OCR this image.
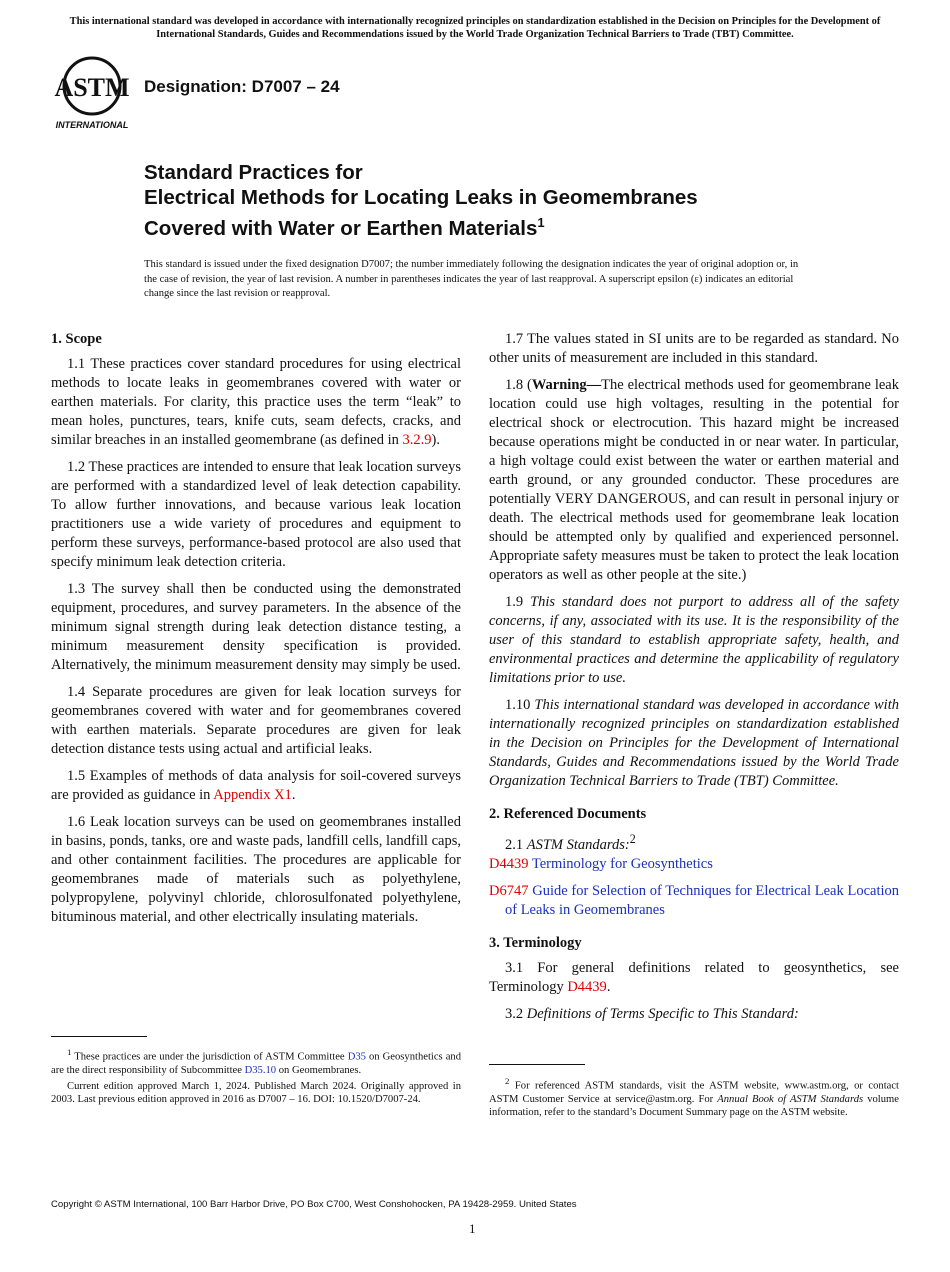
This international standard was developed in accordance with internationally recognized principles on standardization established in the Decision on Principles for the Development of International Standards, Guides and Recommendations issued by the World Trade Organization Technical Barriers to Trade (TBT) Committee.
ASTM
INTERNATIONAL
Designation: D7007 – 24
Standard Practices for
Electrical Methods for Locating Leaks in Geomembranes
Covered with Water or Earthen Materials$^1$
This standard is issued under the fixed designation D7007; the number immediately following the designation indicates the year of original adoption or, in the case of revision, the year of last revision. A number in parentheses indicates the year of last reapproval. A superscript epsilon (ε) indicates an editorial change since the last revision or reapproval.
1. Scope

1.1 These practices cover standard procedures for using electrical methods to locate leaks in geomembranes covered with water or earthen materials. For clarity, this practice uses the term “leak” to mean holes, punctures, tears, knife cuts, seam defects, cracks, and similar breaches in an installed geomembrane (as defined in 3.2.9).

1.2 These practices are intended to ensure that leak location surveys are performed with a standardized level of leak detection capability. To allow further innovations, and because various leak location practitioners use a wide variety of procedures and equipment to perform these surveys, performance-based protocol are also used that specify minimum leak detection criteria.

1.3 The survey shall then be conducted using the demonstrated equipment, procedures, and survey parameters. In the absence of the minimum signal strength during leak detection distance testing, a minimum measurement density specification is provided. Alternatively, the minimum measurement density may simply be used.

1.4 Separate procedures are given for leak location surveys for geomembranes covered with water and for geomembranes covered with earthen materials. Separate procedures are given for leak detection distance tests using actual and artificial leaks.

1.5 Examples of methods of data analysis for soil-covered surveys are provided as guidance in Appendix X1.

1.6 Leak location surveys can be used on geomembranes installed in basins, ponds, tanks, ore and waste pads, landfill cells, landfill caps, and other containment facilities. The procedures are applicable for geomembranes made of materials such as polyethylene, polypropylene, polyvinyl chloride, chlorosulfonated polyethylene, bituminous material, and other electrically insulating materials.

$^1$ These practices are under the jurisdiction of ASTM Committee D35 on Geosynthetics and are the direct responsibility of Subcommittee D35.10 on Geomembranes.

Current edition approved March 1, 2024. Published March 2024. Originally approved in 2003. Last previous edition approved in 2016 as D7007 – 16. DOI: 10.1520/D7007-24.

1.7 The values stated in SI units are to be regarded as standard. No other units of measurement are included in this standard.

1.8 (Warning—The electrical methods used for geomembrane leak location could use high voltages, resulting in the potential for electrical shock or electrocution. This hazard might be increased because operations might be conducted in or near water. In particular, a high voltage could exist between the water or earthen material and earth ground, or any grounded conductor. These procedures are potentially VERY DANGEROUS, and can result in personal injury or death. The electrical methods used for geomembrane leak location should be attempted only by qualified and experienced personnel. Appropriate safety measures must be taken to protect the leak location operators as well as other people at the site.)

1.9 This standard does not purport to address all of the safety concerns, if any, associated with its use. It is the responsibility of the user of this standard to establish appropriate safety, health, and environmental practices and determine the applicability of regulatory limitations prior to use.

1.10 This international standard was developed in accordance with internationally recognized principles on standardization established in the Decision on Principles for the Development of International Standards, Guides and Recommendations issued by the World Trade Organization Technical Barriers to Trade (TBT) Committee.

2. Referenced Documents

2.1 ASTM Standards:$^2$

D4439 Terminology for Geosynthetics

D6747 Guide for Selection of Techniques for Electrical Leak Location of Leaks in Geomembranes

3. Terminology

3.1 For general definitions related to geosynthetics, see Terminology D4439.

3.2 Definitions of Terms Specific to This Standard:

$^2$ For referenced ASTM standards, visit the ASTM website, www.astm.org, or contact ASTM Customer Service at service@astm.org. For Annual Book of ASTM Standards volume information, refer to the standard’s Document Summary page on the ASTM website.

Copyright © ASTM International, 100 Barr Harbor Drive, PO Box C700, West Conshohocken, PA 19428-2959. United States
1
